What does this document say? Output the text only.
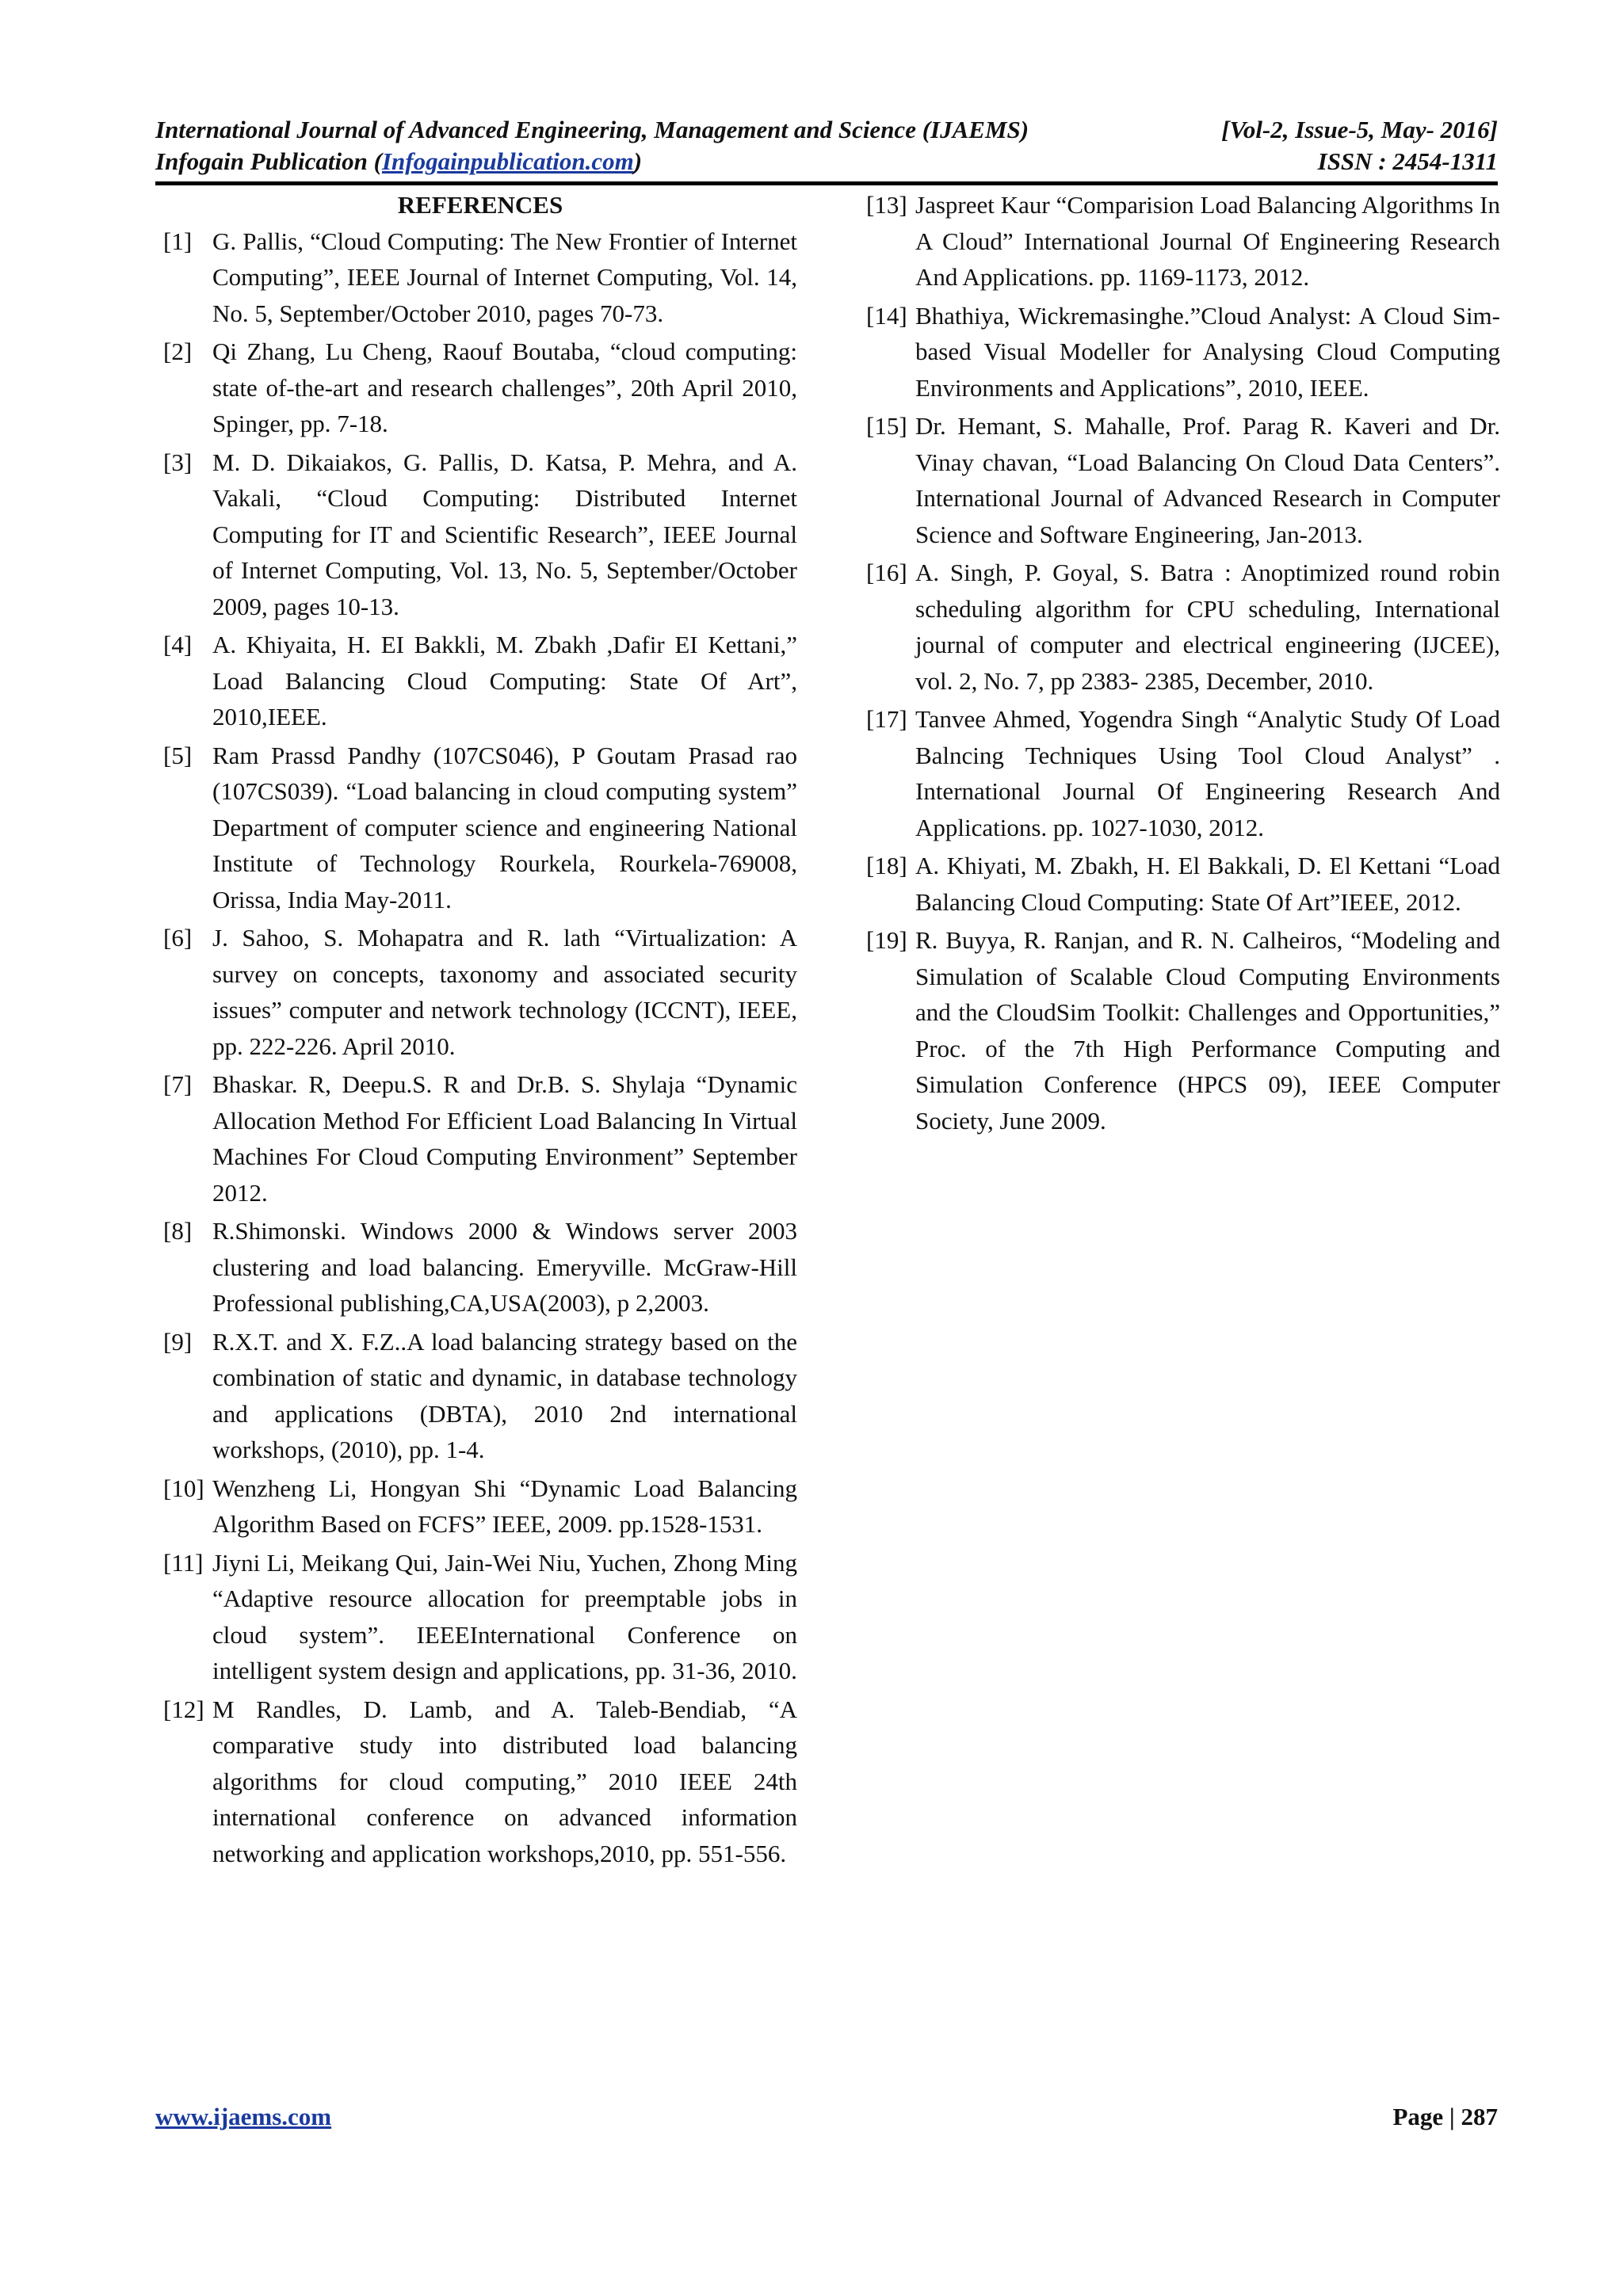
International Journal of Advanced Engineering, Management and Science (IJAEMS)	[Vol-2, Issue-5, May- 2016]
Infogain Publication (Infogainpublication.com)	ISSN : 2454-1311
REFERENCES
[1] G. Pallis, “Cloud Computing: The New Frontier of Internet Computing”, IEEE Journal of Internet Computing, Vol. 14, No. 5, September/October 2010, pages 70-73.
[2] Qi Zhang, Lu Cheng, Raouf Boutaba, “cloud computing: state of-the-art and research challenges”, 20th April 2010, Spinger, pp. 7-18.
[3] M. D. Dikaiakos, G. Pallis, D. Katsa, P. Mehra, and A. Vakali, “Cloud Computing: Distributed Internet Computing for IT and Scientific Research”, IEEE Journal of Internet Computing, Vol. 13, No. 5, September/October 2009, pages 10-13.
[4] A. Khiyaita, H. EI Bakkli, M. Zbakh ,Dafir EI Kettani,” Load Balancing Cloud Computing: State Of Art”, 2010,IEEE.
[5] Ram Prassd Pandhy (107CS046), P Goutam Prasad rao (107CS039). “Load balancing in cloud computing system” Department of computer science and engineering National Institute of Technology Rourkela, Rourkela-769008, Orissa, India May-2011.
[6] J. Sahoo, S. Mohapatra and R. lath “Virtualization: A survey on concepts, taxonomy and associated security issues” computer and network technology (ICCNT), IEEE, pp. 222-226. April 2010.
[7] Bhaskar. R, Deepu.S. R and Dr.B. S. Shylaja “Dynamic Allocation Method For Efficient Load Balancing In Virtual Machines For Cloud Computing Environment” September 2012.
[8] R.Shimonski. Windows 2000 & Windows server 2003 clustering and load balancing. Emeryville. McGraw-Hill Professional publishing,CA,USA(2003), p 2,2003.
[9] R.X.T. and X. F.Z..A load balancing strategy based on the combination of static and dynamic, in database technology and applications (DBTA), 2010 2nd international workshops, (2010), pp. 1-4.
[10] Wenzheng Li, Hongyan Shi “Dynamic Load Balancing Algorithm Based on FCFS” IEEE, 2009. pp.1528-1531.
[11] Jiyni Li, Meikang Qui, Jain-Wei Niu, Yuchen, Zhong Ming “Adaptive resource allocation for preemptable jobs in cloud system”. IEEEInternational Conference on intelligent system design and applications, pp. 31-36, 2010.
[12] M Randles, D. Lamb, and A. Taleb-Bendiab, “A comparative study into distributed load balancing algorithms for cloud computing,” 2010 IEEE 24th international conference on advanced information networking and application workshops,2010, pp. 551-556.
[13] Jaspreet Kaur “Comparision Load Balancing Algorithms In A Cloud” International Journal Of Engineering Research And Applications. pp. 1169-1173, 2012.
[14] Bhathiya, Wickremasinghe.”Cloud Analyst: A Cloud Sim-based Visual Modeller for Analysing Cloud Computing Environments and Applications”, 2010, IEEE.
[15] Dr. Hemant, S. Mahalle, Prof. Parag R. Kaveri and Dr. Vinay chavan, “Load Balancing On Cloud Data Centers”. International Journal of Advanced Research in Computer Science and Software Engineering, Jan-2013.
[16] A. Singh, P. Goyal, S. Batra : Anoptimized round robin scheduling algorithm for CPU scheduling, International journal of computer and electrical engineering (IJCEE), vol. 2, No. 7, pp 2383- 2385, December, 2010.
[17] Tanvee Ahmed, Yogendra Singh “Analytic Study Of Load Balncing Techniques Using Tool Cloud Analyst” . International Journal Of Engineering Research And Applications. pp. 1027-1030, 2012.
[18] A. Khiyati, M. Zbakh, H. El Bakkali, D. El Kettani “Load Balancing Cloud Computing: State Of Art”IEEE, 2012.
[19] R. Buyya, R. Ranjan, and R. N. Calheiros, “Modeling and Simulation of Scalable Cloud Computing Environments and the CloudSim Toolkit: Challenges and Opportunities,” Proc. of the 7th High Performance Computing and Simulation Conference (HPCS 09), IEEE Computer Society, June 2009.
www.ijaems.com	Page | 287
